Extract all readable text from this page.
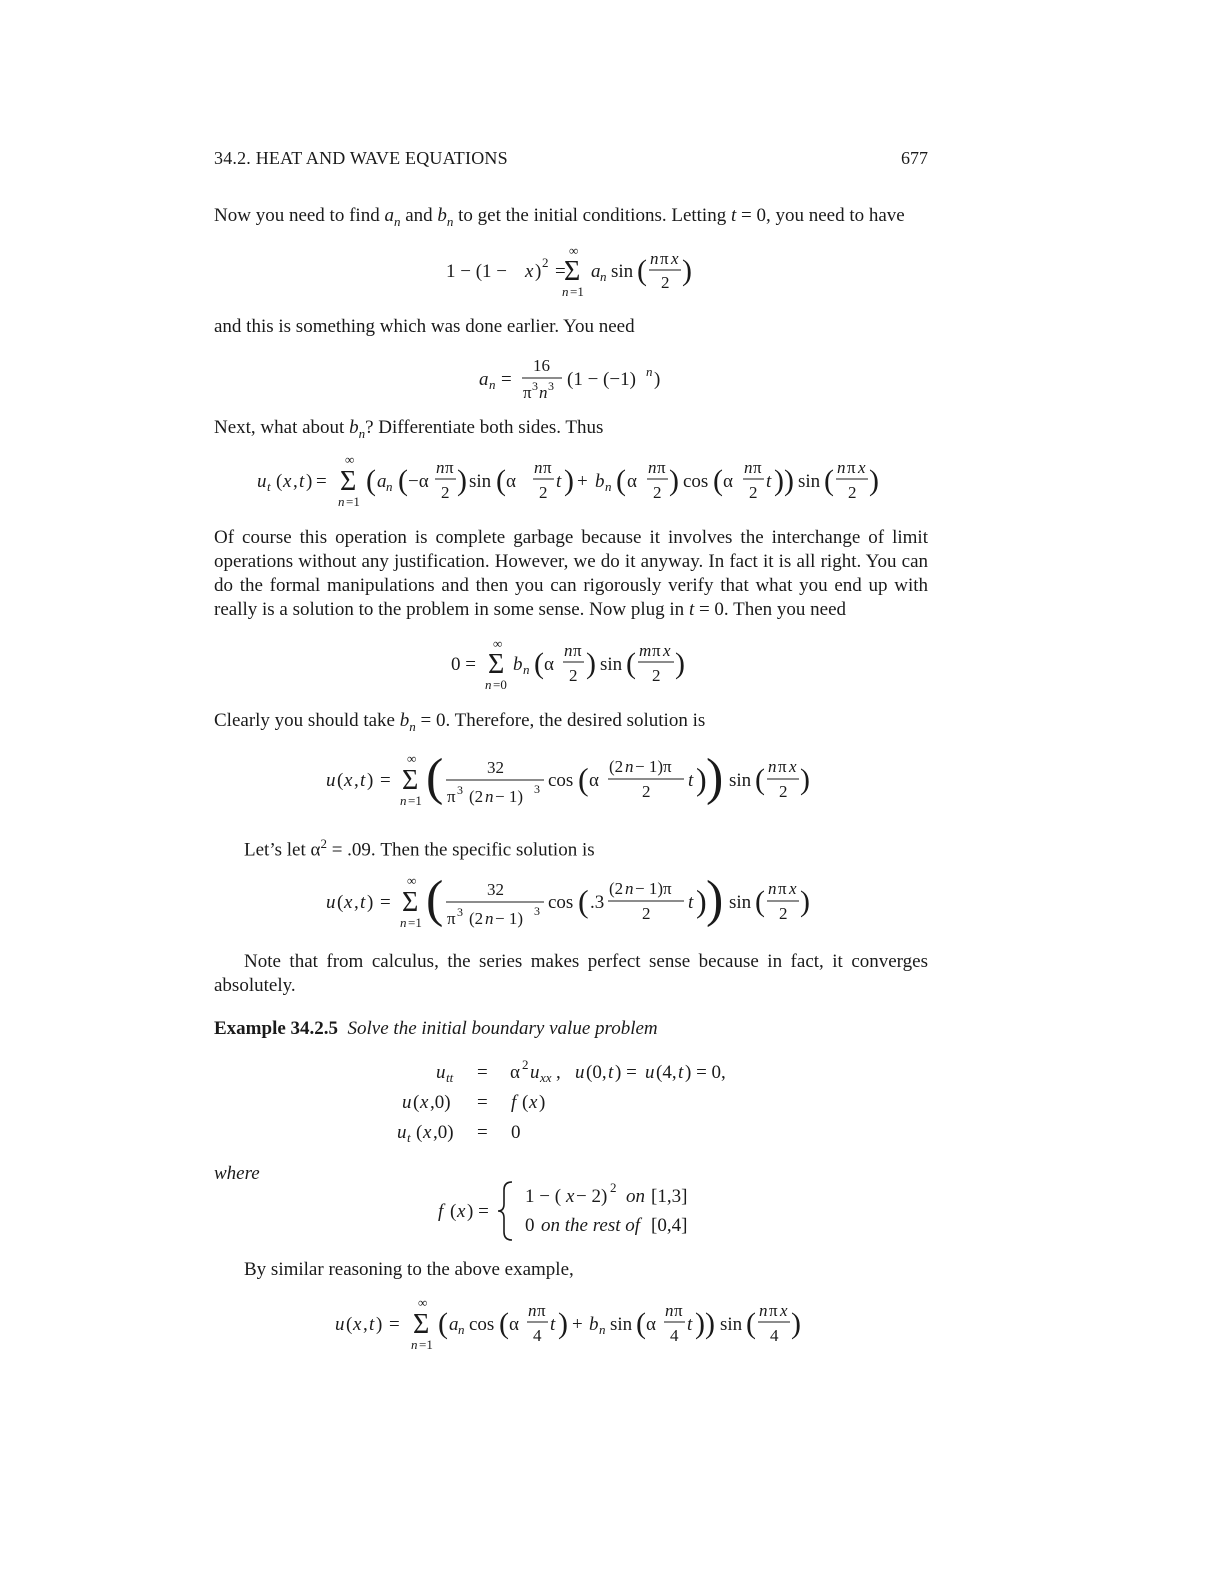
34.2. HEAT AND WAVE EQUATIONS	677
Now you need to find $a_n$ and $b_n$ to get the initial conditions. Letting t = 0, you need to have
1 − (1 − x ) 2 =
∞
Σ
n =1
a n sin ( n π x
2 )
and this is something which was done earlier. You need
a n =
16
π 3 n 3 (1 − (−1) n )
Next, what about $b_n$? Differentiate both sides. Thus
u t ( x , t ) =
∞
Σ
n =1
( a n ( −α
n π
2 ) sin ( α
n π
2
t ) + b n ( α
n π
2 ) cos ( α
n π
2
t ) ) sin ( n π x
2 )
Of course this operation is complete garbage because it involves the interchange of limit operations without any justification. However, we do it anyway. In fact it is all right. You can do the formal manipulations and then you can rigorously verify that what you end up with really is a solution to the problem in some sense. Now plug in t = 0. Then you need
0 =
∞
Σ
n =0
b n ( α
n π
2 ) sin ( m π x
2 )
Clearly you should take $b_n = 0$. Therefore, the desired solution is
u ( x , t ) =
∞
Σ
n =1 (	32
π 3 (2 n − 1) 3 cos ( α
(2 n − 1)π
2
t ) ) sin ( n π x
2 )
Let’s let $\alpha^2 = .09$. Then the specific solution is
u ( x , t ) =
∞
Σ
n =1 (	32
π 3 (2 n − 1) 3 cos ( .3
(2 n − 1)π
2
t ) ) sin ( n π x
2 )
Note that from calculus, the series makes perfect sense because in fact, it converges absolutely.
Example 34.2.5 Solve the initial boundary value problem
u tt = α 2 u xx , u (0, t ) = u (4, t ) = 0,
u ( x ,0) = f ( x )
u t ( x ,0) = 0
where
f ( x ) =
1 − ( x − 2) 2 on [1,3]
0 on the rest of [0,4]
By similar reasoning to the above example,
u ( x , t ) =
∞
Σ
n =1
( a n cos ( α
n π
4
t ) + b n sin ( α
n π
4
t ) ) sin ( n π x
4 )
